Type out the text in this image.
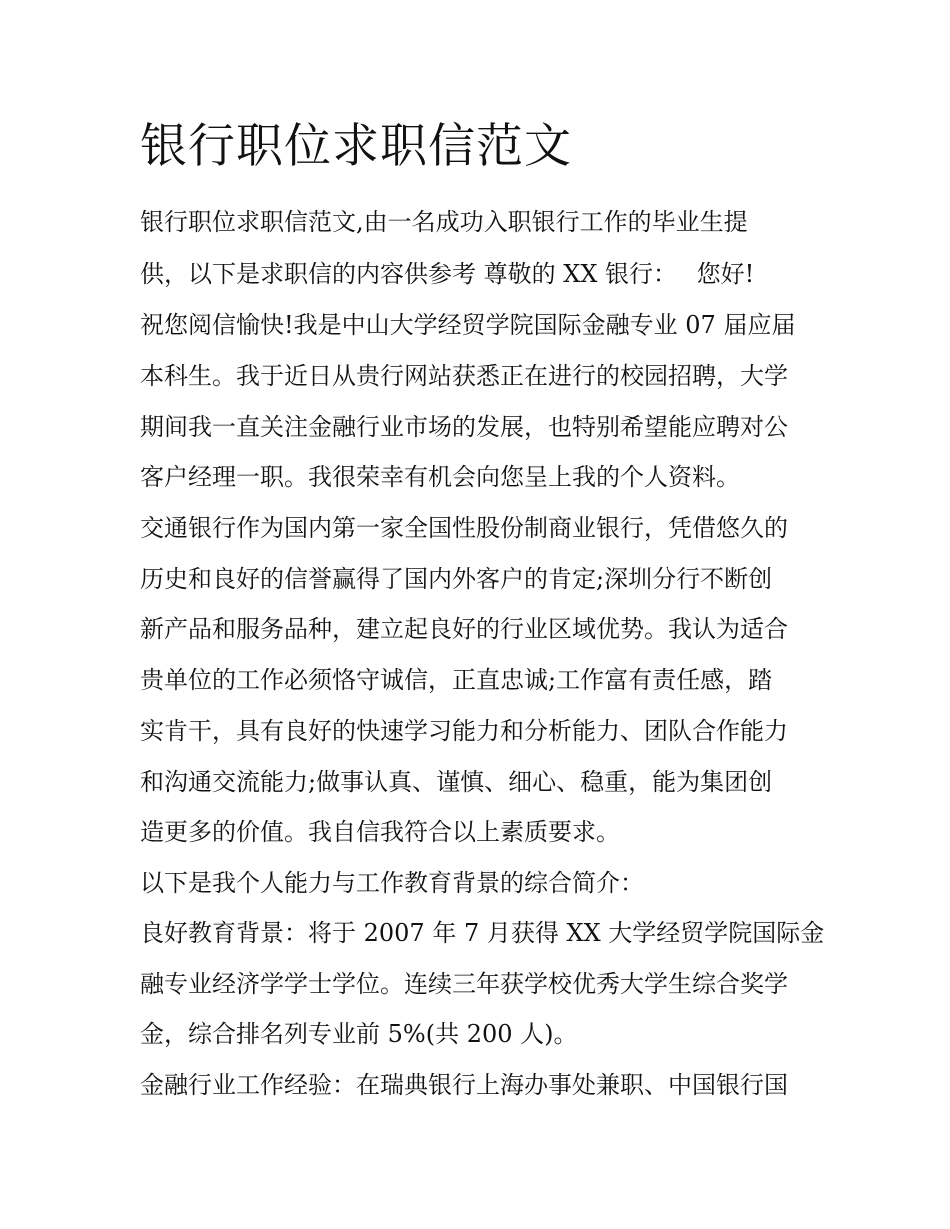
银行职位求职信范文

银行职位求职信范文,由一名成功入职银行工作的毕业生提

供，以下是求职信的内容供参考 尊敬的 XX 银行：　 您好!

祝您阅信愉快!我是中山大学经贸学院国际金融专业 07 届应届

本科生。我于近日从贵行网站获悉正在进行的校园招聘，大学

期间我一直关注金融行业市场的发展，也特别希望能应聘对公

客户经理一职。我很荣幸有机会向您呈上我的个人资料。

交通银行作为国内第一家全国性股份制商业银行，凭借悠久的

历史和良好的信誉赢得了国内外客户的肯定;深圳分行不断创

新产品和服务品种，建立起良好的行业区域优势。我认为适合

贵单位的工作必须恪守诚信，正直忠诚;工作富有责任感，踏

实肯干，具有良好的快速学习能力和分析能力、团队合作能力

和沟通交流能力;做事认真、谨慎、细心、稳重，能为集团创

造更多的价值。我自信我符合以上素质要求。

以下是我个人能力与工作教育背景的综合简介：

良好教育背景：将于 2007 年 7 月获得 XX 大学经贸学院国际金

融专业经济学学士学位。连续三年获学校优秀大学生综合奖学

金，综合排名列专业前 5%(共 200 人)。

金融行业工作经验：在瑞典银行上海办事处兼职、中国银行国
